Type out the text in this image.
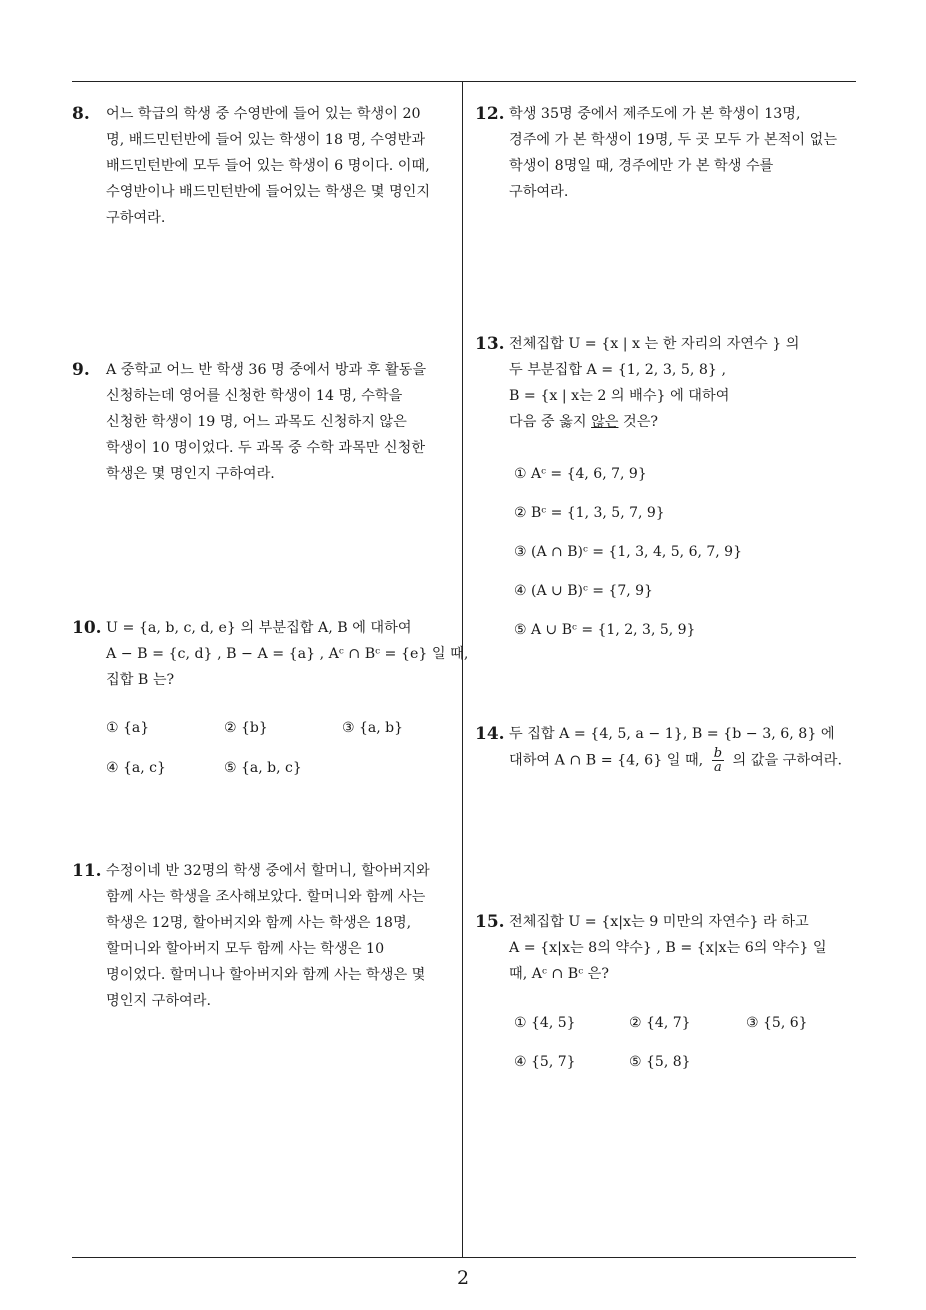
8. 어느 학급의 학생 중 수영반에 들어 있는 학생이 20
명, 배드민턴반에 들어 있는 학생이 18 명, 수영반과
배드민턴반에 모두 들어 있는 학생이 6 명이다. 이때,
수영반이나 배드민턴반에 들어있는 학생은 몇 명인지
구하여라.
9. A 중학교 어느 반 학생 36 명 중에서 방과 후 활동을
신청하는데 영어를 신청한 학생이 14 명, 수학을
신청한 학생이 19 명, 어느 과목도 신청하지 않은
학생이 10 명이었다. 두 과목 중 수학 과목만 신청한
학생은 몇 명인지 구하여라.
10. U = {a, b, c, d, e} 의 부분집합 A, B 에 대하여
A − B = {c, d} , B − A = {a} , Aᶜ ∩ Bᶜ = {e} 일 때,
집합 B 는?
① {a}	② {b}	③ {a, b}
④ {a, c}	⑤ {a, b, c}
11. 수정이네 반 32명의 학생 중에서 할머니, 할아버지와
함께 사는 학생을 조사해보았다. 할머니와 함께 사는
학생은 12명, 할아버지와 함께 사는 학생은 18명,
할머니와 할아버지 모두 함께 사는 학생은 10
명이었다. 할머니나 할아버지와 함께 사는 학생은 몇
명인지 구하여라.
12. 학생 35명 중에서 제주도에 가 본 학생이 13명,
경주에 가 본 학생이 19명, 두 곳 모두 가 본적이 없는
학생이 8명일 때, 경주에만 가 본 학생 수를
구하여라.
13. 전체집합 U = {x | x 는 한 자리의 자연수 } 의
두 부분집합 A = {1, 2, 3, 5, 8} ,
B = {x | x는 2 의 배수} 에 대하여
다음 중 옳지 않은 것은?
① Aᶜ = {4, 6, 7, 9}
② Bᶜ = {1, 3, 5, 7, 9}
③ (A ∩ B)ᶜ = {1, 3, 4, 5, 6, 7, 9}
④ (A ∪ B)ᶜ = {7, 9}
⑤ A ∪ Bᶜ = {1, 2, 3, 5, 9}
14. 두 집합 A = {4, 5, a − 1}, B = {b − 3, 6, 8} 에
대하여 A ∩ B = {4, 6} 일 때, $\frac{b}{a}$ 의 값을 구하여라.
15. 전체집합 U = {x|x는 9 미만의 자연수} 라 하고
A = {x|x는 8의 약수} , B = {x|x는 6의 약수} 일
때, Aᶜ ∩ Bᶜ 은?
① {4, 5}	② {4, 7}	③ {5, 6}
④ {5, 7}	⑤ {5, 8}
2
